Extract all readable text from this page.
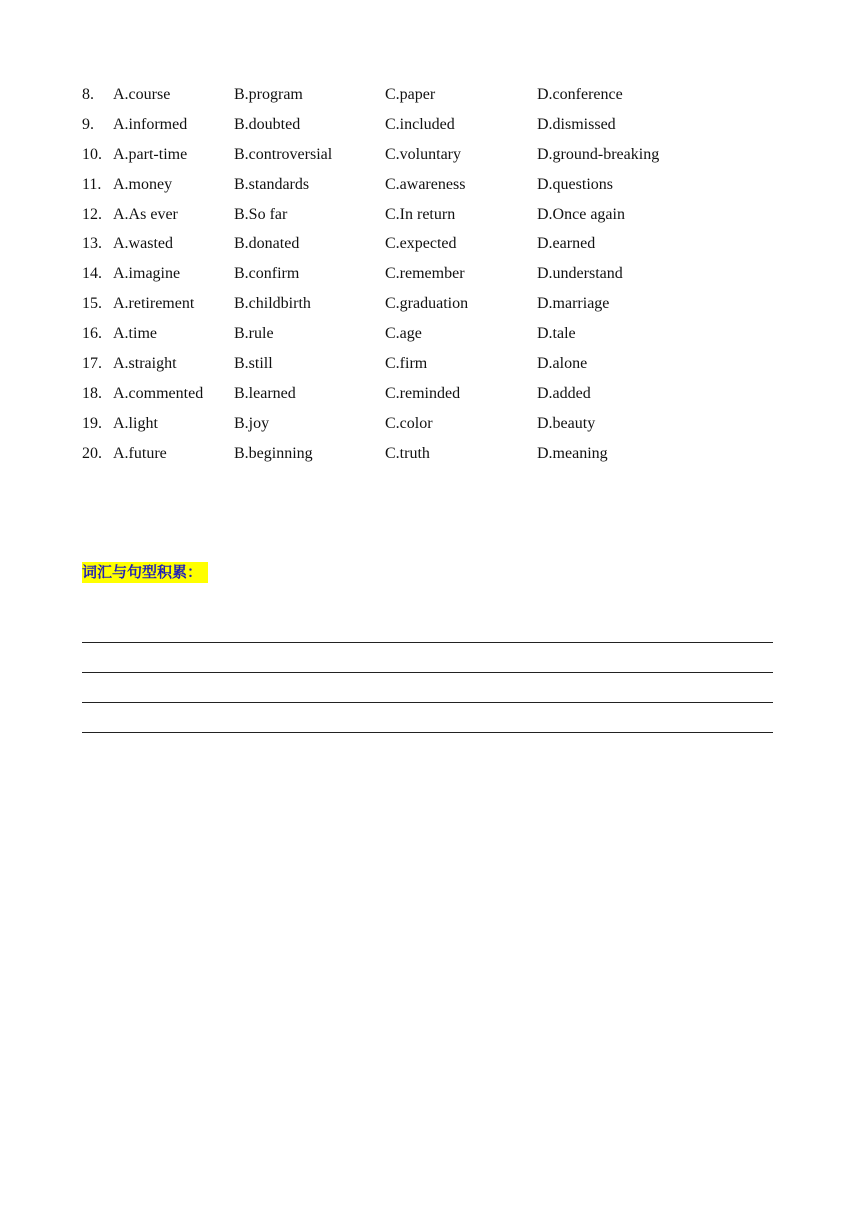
8.	A.course	B.program	C.paper	D.conference
9.	A.informed	B.doubted	C.included	D.dismissed
10. A.part-time	B.controversial	C.voluntary	D.ground-breaking
11. A.money	B.standards	C.awareness	D.questions
12. A.As ever	B.So far	C.In return	D.Once again
13. A.wasted	B.donated	C.expected	D.earned
14. A.imagine	B.confirm	C.remember	D.understand
15. A.retirement	B.childbirth	C.graduation	D.marriage
16. A.time	B.rule	C.age	D.tale
17. A.straight	B.still	C.firm	D.alone
18. A.commented	B.learned	C.reminded	D.added
19. A.light	B.joy	C.color	D.beauty
20. A.future	B.beginning	C.truth	D.meaning
词汇与句型积累：
